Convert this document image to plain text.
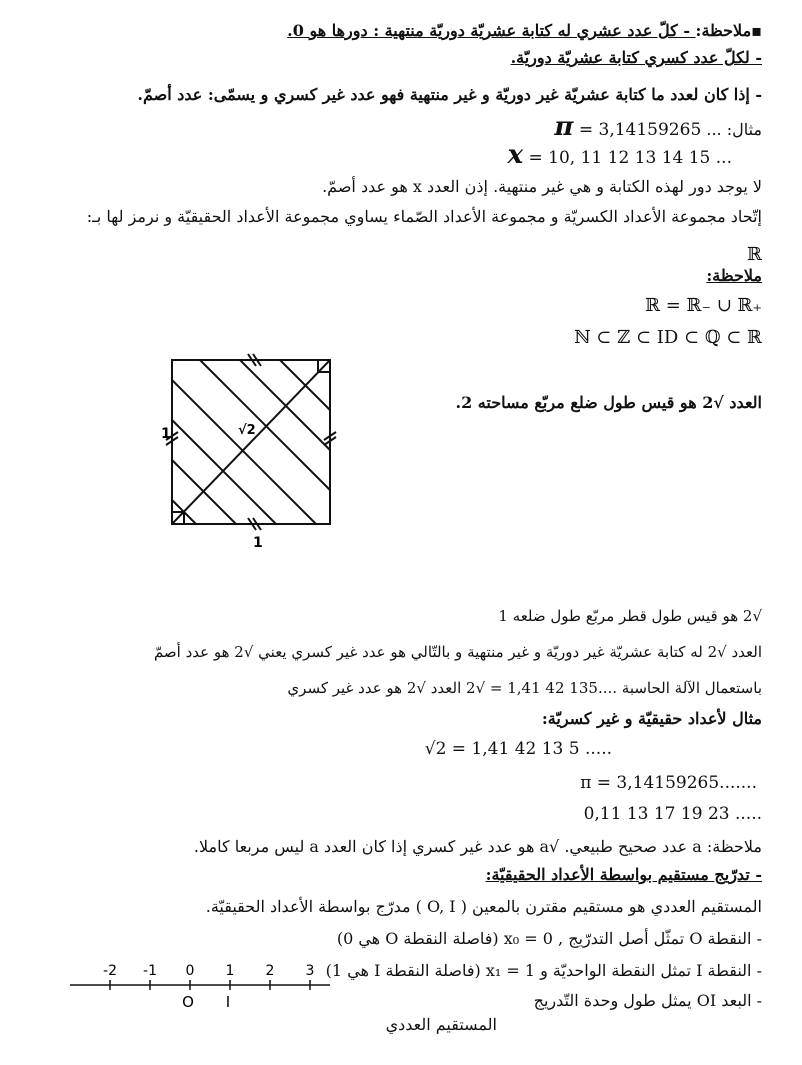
▪ملاحظة: - كلّ عدد عشري له كتابة عشريّة دوريّة منتهية : دورها هو 0.
- لكلّ عدد كسري كتابة عشريّة دوريّة.
- إذا كان لعدد ما كتابة عشريّة غير دوريّة و غير منتهية فهو عدد غير كسري و يسمّى: عدد أصمّ.
مثال: ... π = 3,14159265
x = 10, 11 12 13 14 15 ...
لا يوجد دور لهذه الكتابة و هي غير منتهية. إذن العدد x هو عدد أصمّ.
إتّحاد مجموعة الأعداد الكسريّة و مجموعة الأعداد الصّماء يساوي مجموعة الأعداد الحقيقيّة و نرمز لها بـ:
ℝ
ملاحظة:
ℝ = ℝ₋ ∪ ℝ₊
ℕ ⊂ ℤ ⊂ ID ⊂ ℚ ⊂ ℝ
العدد √2 هو قيس طول ضلع مربّع مساحته 2.
1
1
√2
√2 هو قيس طول قطر مربّع طول ضلعه 1
العدد √2 له كتابة عشريّة غير دوريّة و غير منتهية و بالتّالي هو عدد غير كسري يعني √2 هو عدد أصمّ
باستعمال الآلة الحاسبة ....135 42 1,41 = √2 العدد √2 هو عدد غير كسري
مثال لأعداد حقيقيّة و غير كسريّة:
√2 = 1,41 42 13 5 .....
π = 3,14159265.......
0,11 13 17 19 23 .....
ملاحظة: a عدد صحيح طبيعي. √a هو عدد غير كسري إذا كان العدد a ليس مربعا كاملا.
- تدرّيج مستقيم بواسطة الأعداد الحقيقيّة:
المستقيم العددي هو مستقيم مقترن بالمعين ( O, I ) مدرّج بواسطة الأعداد الحقيقيّة.
- النقطة O تمثّل أصل التدرّيج , x₀ = 0 (فاصلة النقطة O هي 0)
- النقطة I تمثل النقطة الواحديّة و x₁ = 1 (فاصلة النقطة I هي 1)
- البعد OI يمثل طول وحدة التّدريج
-2 -1 0 1 2 3
O I
المستقيم العددي
